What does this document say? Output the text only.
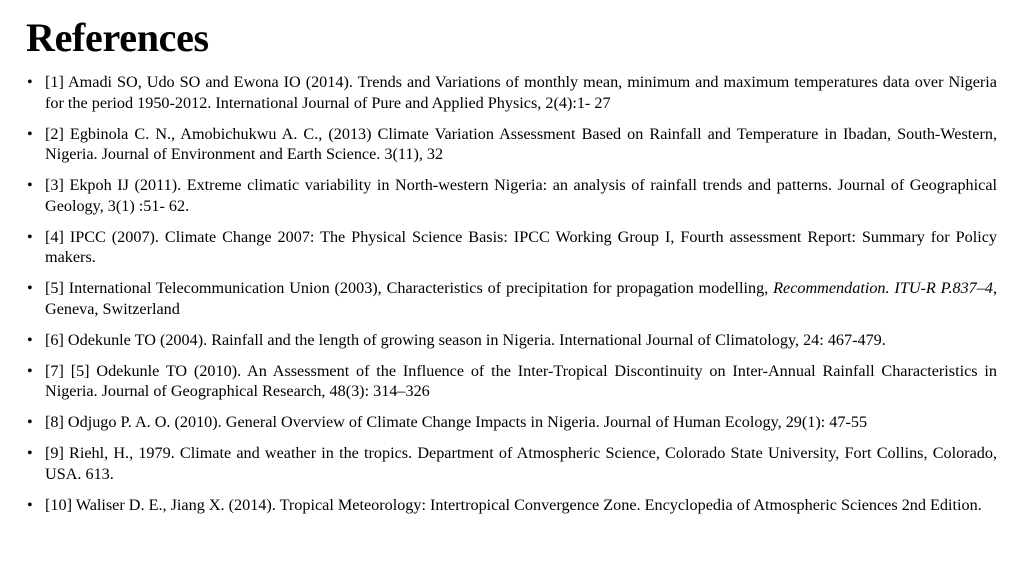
References
• [1] Amadi SO, Udo SO and Ewona IO (2014). Trends and Variations of monthly mean, minimum and maximum temperatures data over Nigeria for the period 1950-2012. International Journal of Pure and Applied Physics, 2(4):1- 27
• [2] Egbinola C. N., Amobichukwu A. C., (2013) Climate Variation Assessment Based on Rainfall and Temperature in Ibadan, South-Western, Nigeria. Journal of Environment and Earth Science. 3(11), 32
• [3] Ekpoh IJ (2011). Extreme climatic variability in North-western Nigeria: an analysis of rainfall trends and patterns. Journal of Geographical Geology, 3(1) :51- 62.
• [4] IPCC (2007). Climate Change 2007: The Physical Science Basis: IPCC Working Group I, Fourth assessment Report: Summary for Policy makers.
• [5] International Telecommunication Union (2003), Characteristics of precipitation for propagation modelling, Recommendation. ITU-R P.837–4, Geneva, Switzerland
• [6] Odekunle TO (2004). Rainfall and the length of growing season in Nigeria. International Journal of Climatology, 24: 467-479.
• [7] [5] Odekunle TO (2010). An Assessment of the Influence of the Inter-Tropical Discontinuity on Inter-Annual Rainfall Characteristics in Nigeria. Journal of Geographical Research, 48(3): 314–326
• [8] Odjugo P. A. O. (2010). General Overview of Climate Change Impacts in Nigeria. Journal of Human Ecology, 29(1): 47-55
• [9] Riehl, H., 1979. Climate and weather in the tropics. Department of Atmospheric Science, Colorado State University, Fort Collins, Colorado, USA. 613.
• [10] Waliser D. E., Jiang X. (2014). Tropical Meteorology: Intertropical Convergence Zone. Encyclopedia of Atmospheric Sciences 2nd Edition.
